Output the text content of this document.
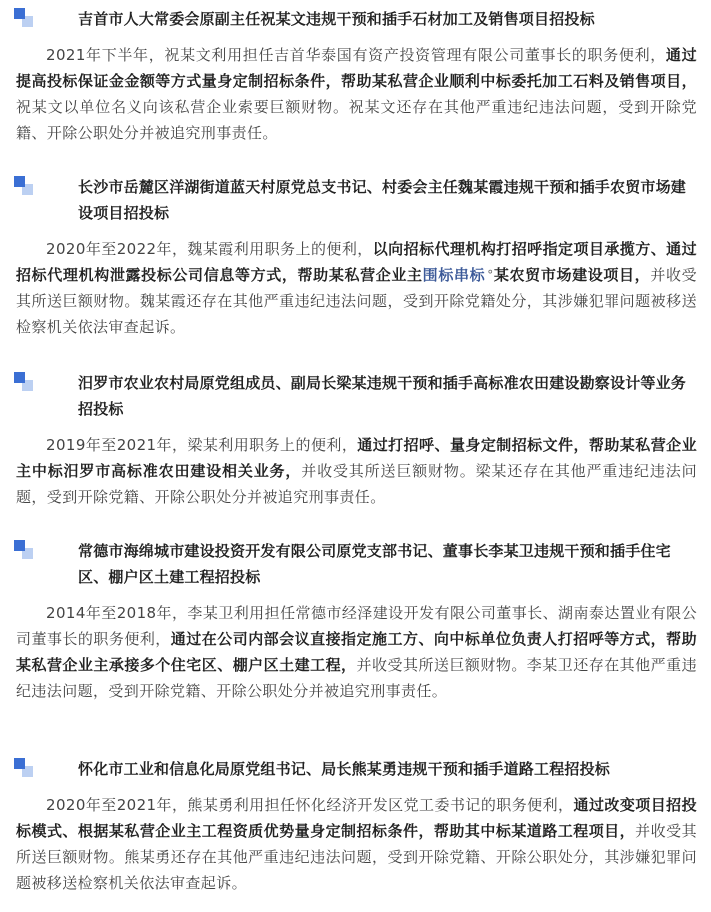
吉首市人大常委会原副主任祝某文违规干预和插手石材加工及销售项目招投标
2021年下半年，祝某文利用担任吉首华泰国有资产投资管理有限公司董事长的职务便利，通过提高投标保证金金额等方式量身定制招标条件，帮助某私营企业顺利中标委托加工石料及销售项目，祝某文以单位名义向该私营企业索要巨额财物。祝某文还存在其他严重违纪违法问题，受到开除党籍、开除公职处分并被追究刑事责任。
长沙市岳麓区洋湖街道蓝天村原党总支书记、村委会主任魏某霞违规干预和插手农贸市场建设项目招投标
2020年至2022年，魏某霞利用职务上的便利，以向招标代理机构打招呼指定项目承揽方、通过招标代理机构泄露投标公司信息等方式，帮助某私营企业主围标串标 °某农贸市场建设项目，并收受其所送巨额财物。魏某霞还存在其他严重违纪违法问题，受到开除党籍处分，其涉嫌犯罪问题被移送检察机关依法审查起诉。
汨罗市农业农村局原党组成员、副局长梁某违规干预和插手高标准农田建设勘察设计等业务招投标
2019年至2021年，梁某利用职务上的便利，通过打招呼、量身定制招标文件，帮助某私营企业主中标汨罗市高标准农田建设相关业务，并收受其所送巨额财物。梁某还存在其他严重违纪违法问题，受到开除党籍、开除公职处分并被追究刑事责任。
常德市海绵城市建设投资开发有限公司原党支部书记、董事长李某卫违规干预和插手住宅区、棚户区土建工程招投标
2014年至2018年，李某卫利用担任常德市经泽建设开发有限公司董事长、湖南泰达置业有限公司董事长的职务便利，通过在公司内部会议直接指定施工方、向中标单位负责人打招呼等方式，帮助某私营企业主承接多个住宅区、棚户区土建工程，并收受其所送巨额财物。李某卫还存在其他严重违纪违法问题，受到开除党籍、开除公职处分并被追究刑事责任。
怀化市工业和信息化局原党组书记、局长熊某勇违规干预和插手道路工程招投标
2020年至2021年，熊某勇利用担任怀化经济开发区党工委书记的职务便利，通过改变项目招投标模式、根据某私营企业主工程资质优势量身定制招标条件，帮助其中标某道路工程项目，并收受其所送巨额财物。熊某勇还存在其他严重违纪违法问题，受到开除党籍、开除公职处分，其涉嫌犯罪问题被移送检察机关依法审查起诉。
